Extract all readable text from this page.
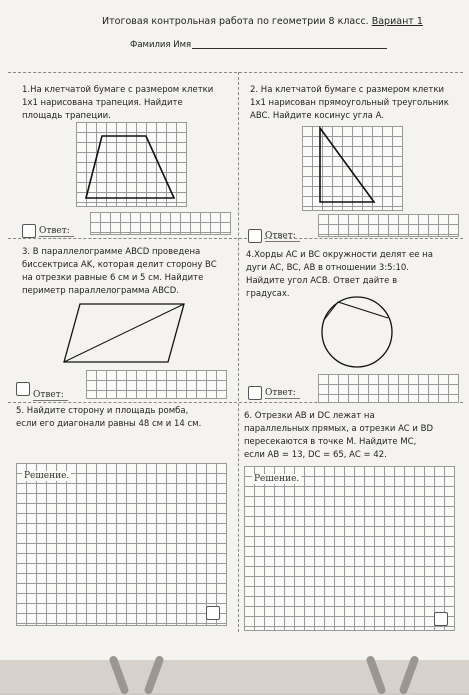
Итоговая контрольная работа по геометрии 8 класс. Вариант 1
Фамилия Имя
1.На клетчатой бумаге с размером клетки
1х1 нарисована трапеция. Найдите
площадь трапеции.
Ответ:
2. На клетчатой бумаге с размером клетки
1х1 нарисован прямоугольный треугольник
ABC. Найдите косинус угла A.
Ответ:
3. В параллелограмме ABCD проведена
биссектриса AK, которая делит сторону BC
на отрезки равные 6 см и 5 см. Найдите
периметр параллелограмма ABCD.
Ответ:
4.Хорды AC и BC окружности делят ее на
дуги AC, BC, AB в отношении 3:5:10.
Найдите угол ACB. Ответ дайте в
градусах.
Ответ:
5. Найдите сторону и площадь ромба,
если его диагонали равны 48 см и 14 см.
Решение.
6. Отрезки AB и DC лежат на
параллельных прямых, а отрезки AC и BD
пересекаются в точке M. Найдите MC,
если AB = 13, DC = 65, AC = 42.
Решение.
